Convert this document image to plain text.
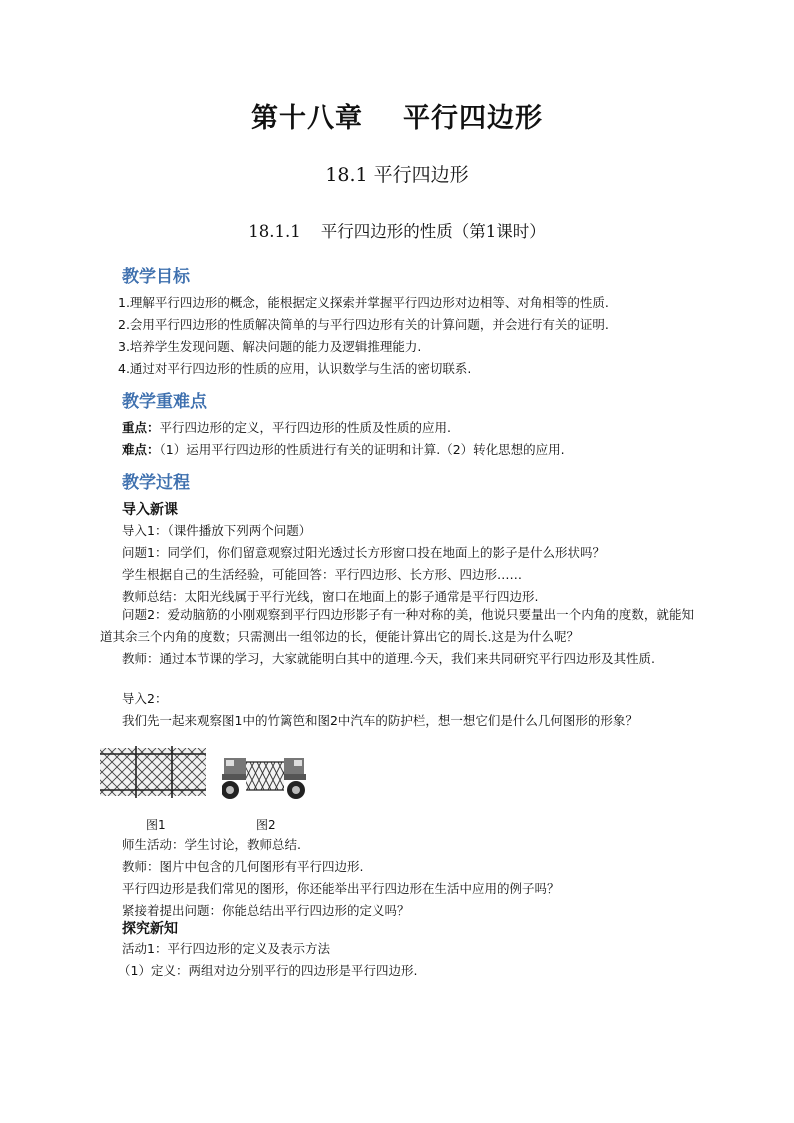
第十八章 平行四边形
18.1 平行四边形
18.1.1 平行四边形的性质（第1课时）
教学目标
1.理解平行四边形的概念，能根据定义探索并掌握平行四边形对边相等、对角相等的性质.
2.会用平行四边形的性质解决简单的与平行四边形有关的计算问题，并会进行有关的证明.
3.培养学生发现问题、解决问题的能力及逻辑推理能力.
4.通过对平行四边形的性质的应用，认识数学与生活的密切联系.
教学重难点
重点：平行四边形的定义，平行四边形的性质及性质的应用.
难点：（1）运用平行四边形的性质进行有关的证明和计算.（2）转化思想的应用.
教学过程
导入新课
导入1：（课件播放下列两个问题）
问题1：同学们，你们留意观察过阳光透过长方形窗口投在地面上的影子是什么形状吗？
学生根据自己的生活经验，可能回答：平行四边形、长方形、四边形……
教师总结：太阳光线属于平行光线，窗口在地面上的影子通常是平行四边形.
问题2：爱动脑筋的小刚观察到平行四边形影子有一种对称的美，他说只要量出一个内角的度数，就能知道其余三个内角的度数；只需测出一组邻边的长，便能计算出它的周长.这是为什么呢？
教师：通过本节课的学习，大家就能明白其中的道理.今天，我们来共同研究平行四边形及其性质.
导入2：
我们先一起来观察图1中的竹篱笆和图2中汽车的防护栏，想一想它们是什么几何图形的形象？
图1	图2
师生活动：学生讨论，教师总结.
教师：图片中包含的几何图形有平行四边形.
平行四边形是我们常见的图形，你还能举出平行四边形在生活中应用的例子吗？
紧接着提出问题：你能总结出平行四边形的定义吗？
探究新知
活动1：平行四边形的定义及表示方法
（1）定义：两组对边分别平行的四边形是平行四边形.
